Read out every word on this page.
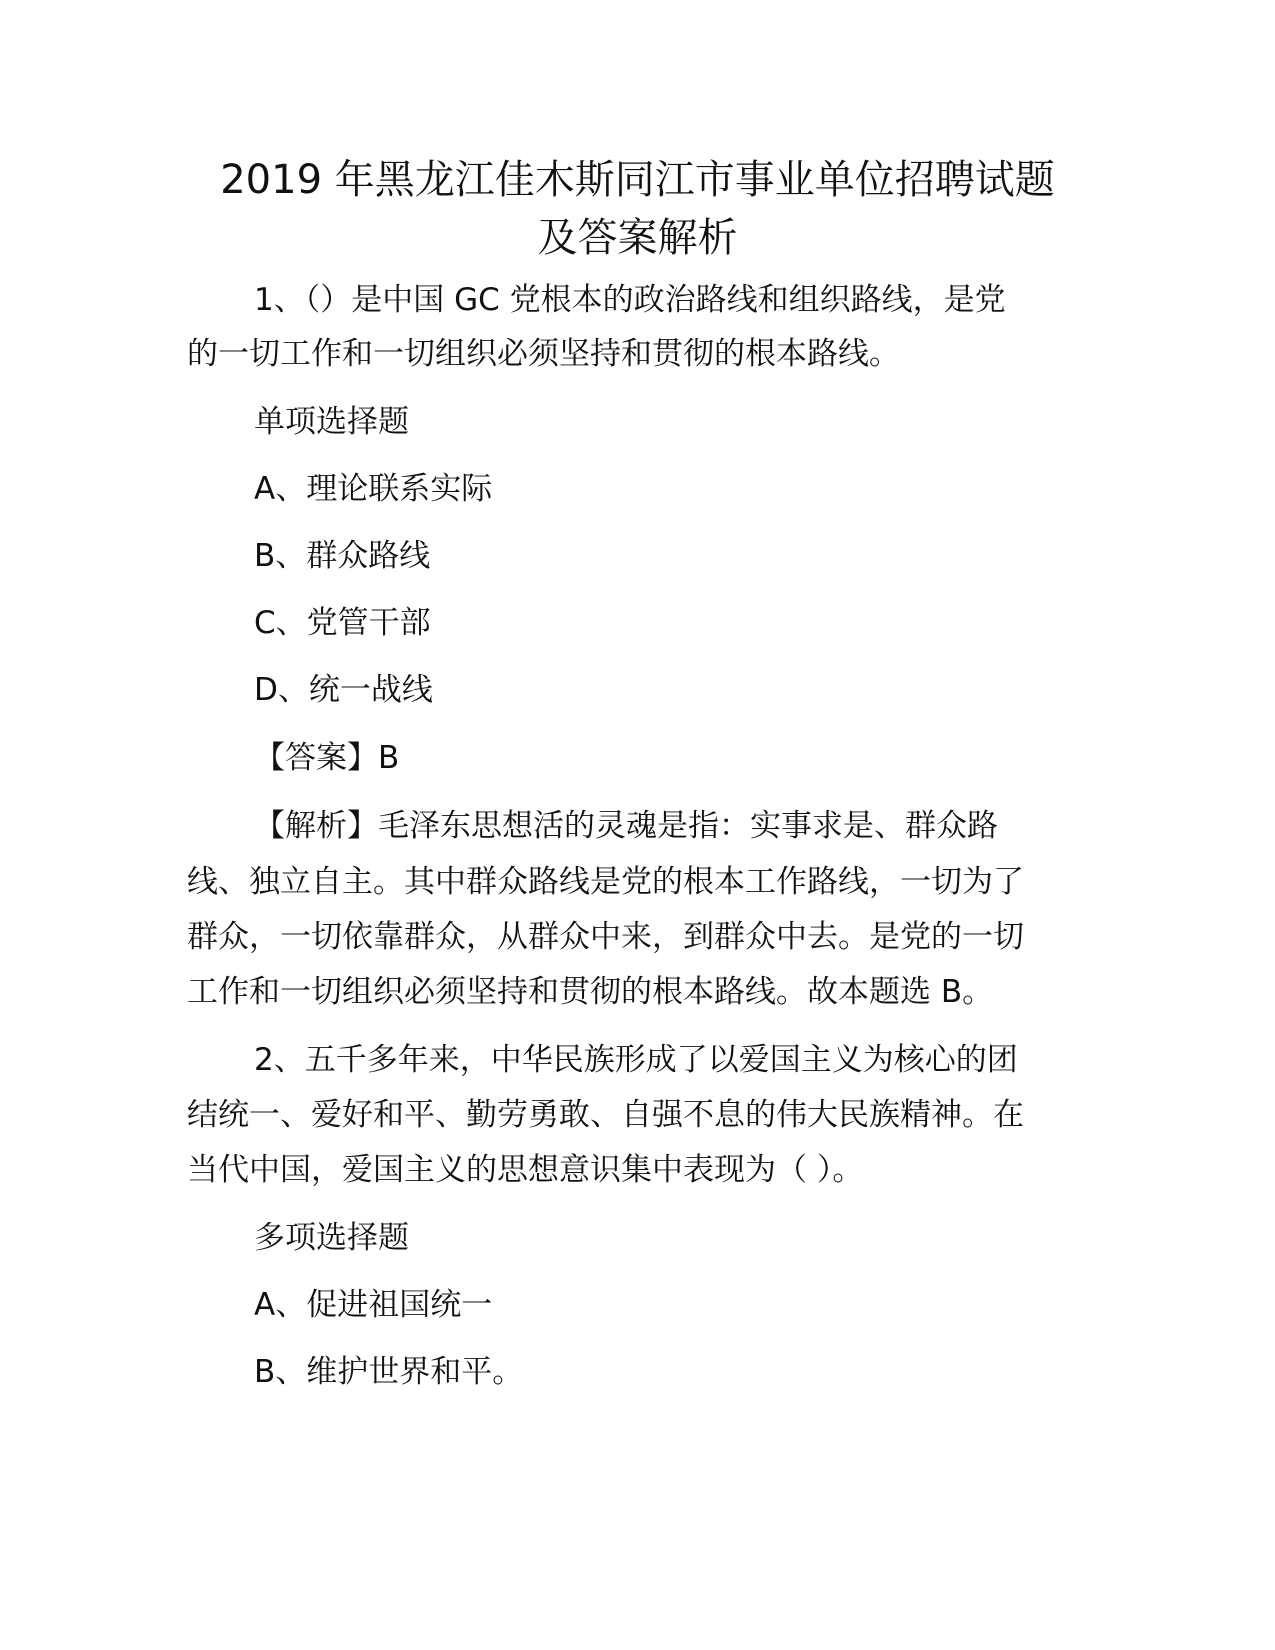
2019 年黑龙江佳木斯同江市事业单位招聘试题
及答案解析

1、（）是中国 GC 党根本的政治路线和组织路线，是党

的一切工作和一切组织必须坚持和贯彻的根本路线。

单项选择题

A、理论联系实际

B、群众路线

C、党管干部

D、统一战线

【答案】B

【解析】毛泽东思想活的灵魂是指：实事求是、群众路

线、独立自主。其中群众路线是党的根本工作路线，一切为了

群众，一切依靠群众，从群众中来，到群众中去。是党的一切

工作和一切组织必须坚持和贯彻的根本路线。故本题选 B。

2、五千多年来，中华民族形成了以爱国主义为核心的团

结统一、爱好和平、勤劳勇敢、自强不息的伟大民族精神。在

当代中国，爱国主义的思想意识集中表现为（ ）。

多项选择题

A、促进祖国统一

B、维护世界和平。
